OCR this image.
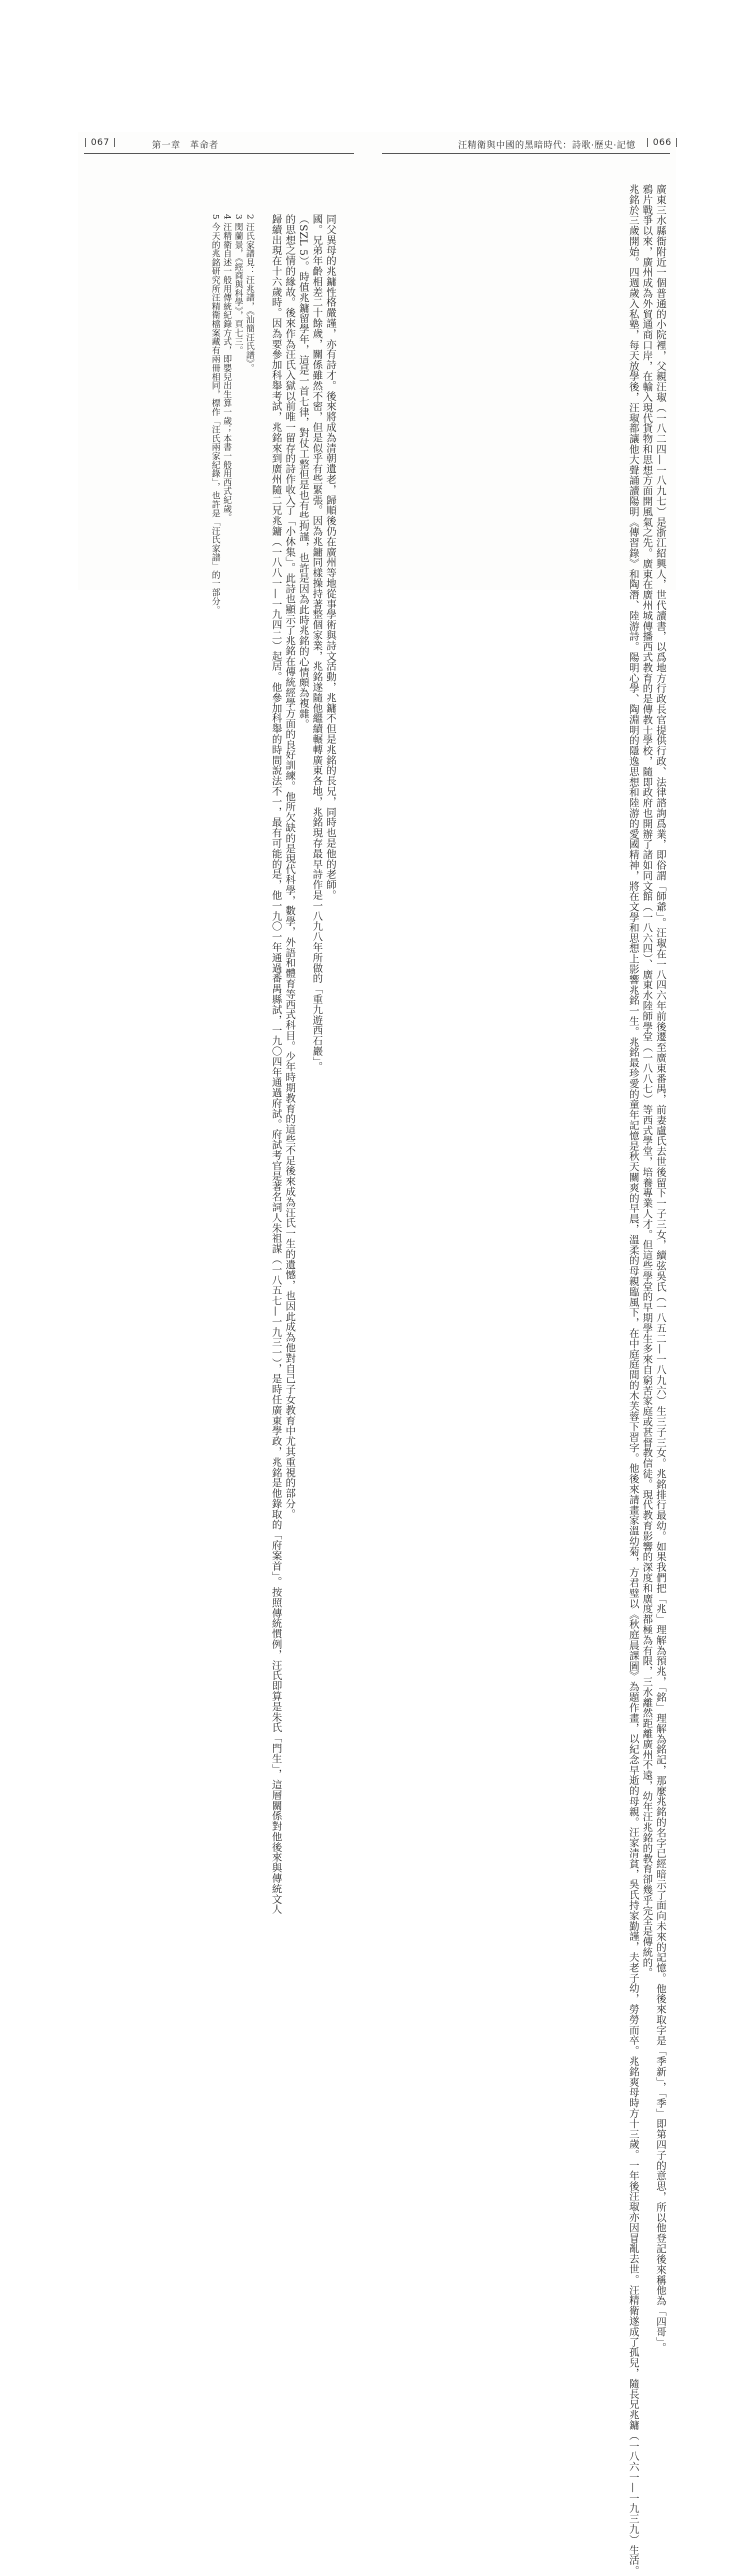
| 067 |	第一章　革命者	汪精衛與中國的黑暗時代：詩歌‧歷史‧記憶 | 066 |
同父異母的兆鏞性格嚴謹，亦有詩才。後來將成為清朝遺老，歸順後仍在廣州等地從事學術與詩文活動，兆鏞不但是兆銘的長兄，同時也是他的老師。
國。兄弟年齡相差二十餘歲，關係雖然不密，但是似乎有些緊張。因為兆鏞同樣操持著整個家業，兆銘遂隨他繼續輾轉廣東各地，兆銘現存最早詩作是一八九八年所做的「重九遊西石巖」。
（SZL 5）。時值兆鏞留學年，這是一首七律，對仗工整但是也有些拘謹，也許是因為此時兆銘的心情頗為複雜。
的思想之情的緣故。後來作為汪氏入獄以前唯一留存的詩作收入了「小休集」。此詩也顯示了兆銘在傳統經學方面的良好訓練。他所欠缺的是現代科學，數學，外語和體育等西式科目。少年時期教育的這些不足後來成為汪氏一生的遺憾，也因此成為他對自己子女教育中尤其重視的部分。
歸續出現在十六歲時。因為要參加科舉考試，兆銘來到廣州隨二兄兆鏞（一八八一—一九四二）起居。他參加科舉的時間說法不一，最有可能的是，他一九〇一年通過番禺縣試，一九〇四年通過府試。府試考官是著名詞人朱祖謀（一八五七—一九三一），是時任廣東學政，兆銘是他錄取的「府案首」。按照傳統慣例，汪氏即算是朱氏「門生」，這層關係對他後來與傳統文人
2 汪氏家譜見：汪兆譜，《汕簡汪氏譜》。
3 閔蘭景，《經商與科學》，頁七三。
4 汪精衛自述一般用傳統紀錄方式，即嬰兒出生算一歲；本書一般用西式紀歲。
5 今天的兆銘研究所汪精衛檔案藏有兩冊相同，標作「汪氏兩家紀錄」，也許是「汪氏家譜」的一部分。	廣東三水縣衙附近一個普通的小院裡，父親汪琡（一八二四—一八九七）是浙江紹興人，世代讀書，以爲地方行政長官提供行政、法律諮詢爲業，即俗謂「師爺」。汪琡在一八四六年前後遷至廣東番禺，前妻盧氏去世後留下一子三女，續弦吳氏（一八五二—一八九六）生三子三女。兆銘排行最幼。如果我們把「兆」理解為預兆，「銘」理解為銘記，那麼兆銘的名字已經暗示了面向未來的記憶。他後來取字是「季新」，「季」即第四子的意思，所以他登記後來稱他為「四哥」。
鴉片戰爭以來，廣州成為外貿通商口岸，在輸入現代貨物和思想方面開風氣之先。廣東在廣州城傳播西式教育的是傳教士學校，隨即政府也開辦了諸如同文館（一八六四）、廣東水陸師學堂（一八八七）等西式學堂，培養專業人才。但這些學堂的早期學生多來自窮苦家庭或甚督教信徒。現代教育影響的深度和廣度都極為有限，三水離然距離廣州不遠，幼年汪兆銘的教育卻幾乎完全是傳統的。
兆銘於三歲開始。四週歲入私塾，每天放學後，汪琡都讓他大聲誦讀陽明《傳習錄》和陶潛、陸游詩。陽明心學、陶淵明的隱逸思想和陸游的愛國精神，將在文學和思想上影響兆銘一生。兆銘最珍愛的童年記憶是秋天關爽的早晨，溫柔的母親臨風下，在中庭庭間的木芙蓉下習字。他後來請畫家溫幼菊，方君璧以《秋庭晨課圖》為題作畫，以紀念早逝的母親。汪家清貧，吳氏持家勤謹，夫老子幼，勞勞而卒。兆銘爽母時方十三歲。一年後汪琡亦因冒亂去世。汪精衛遂成了孤兒，隨長兄兆鏞（一八六一—一九三九）生活。
